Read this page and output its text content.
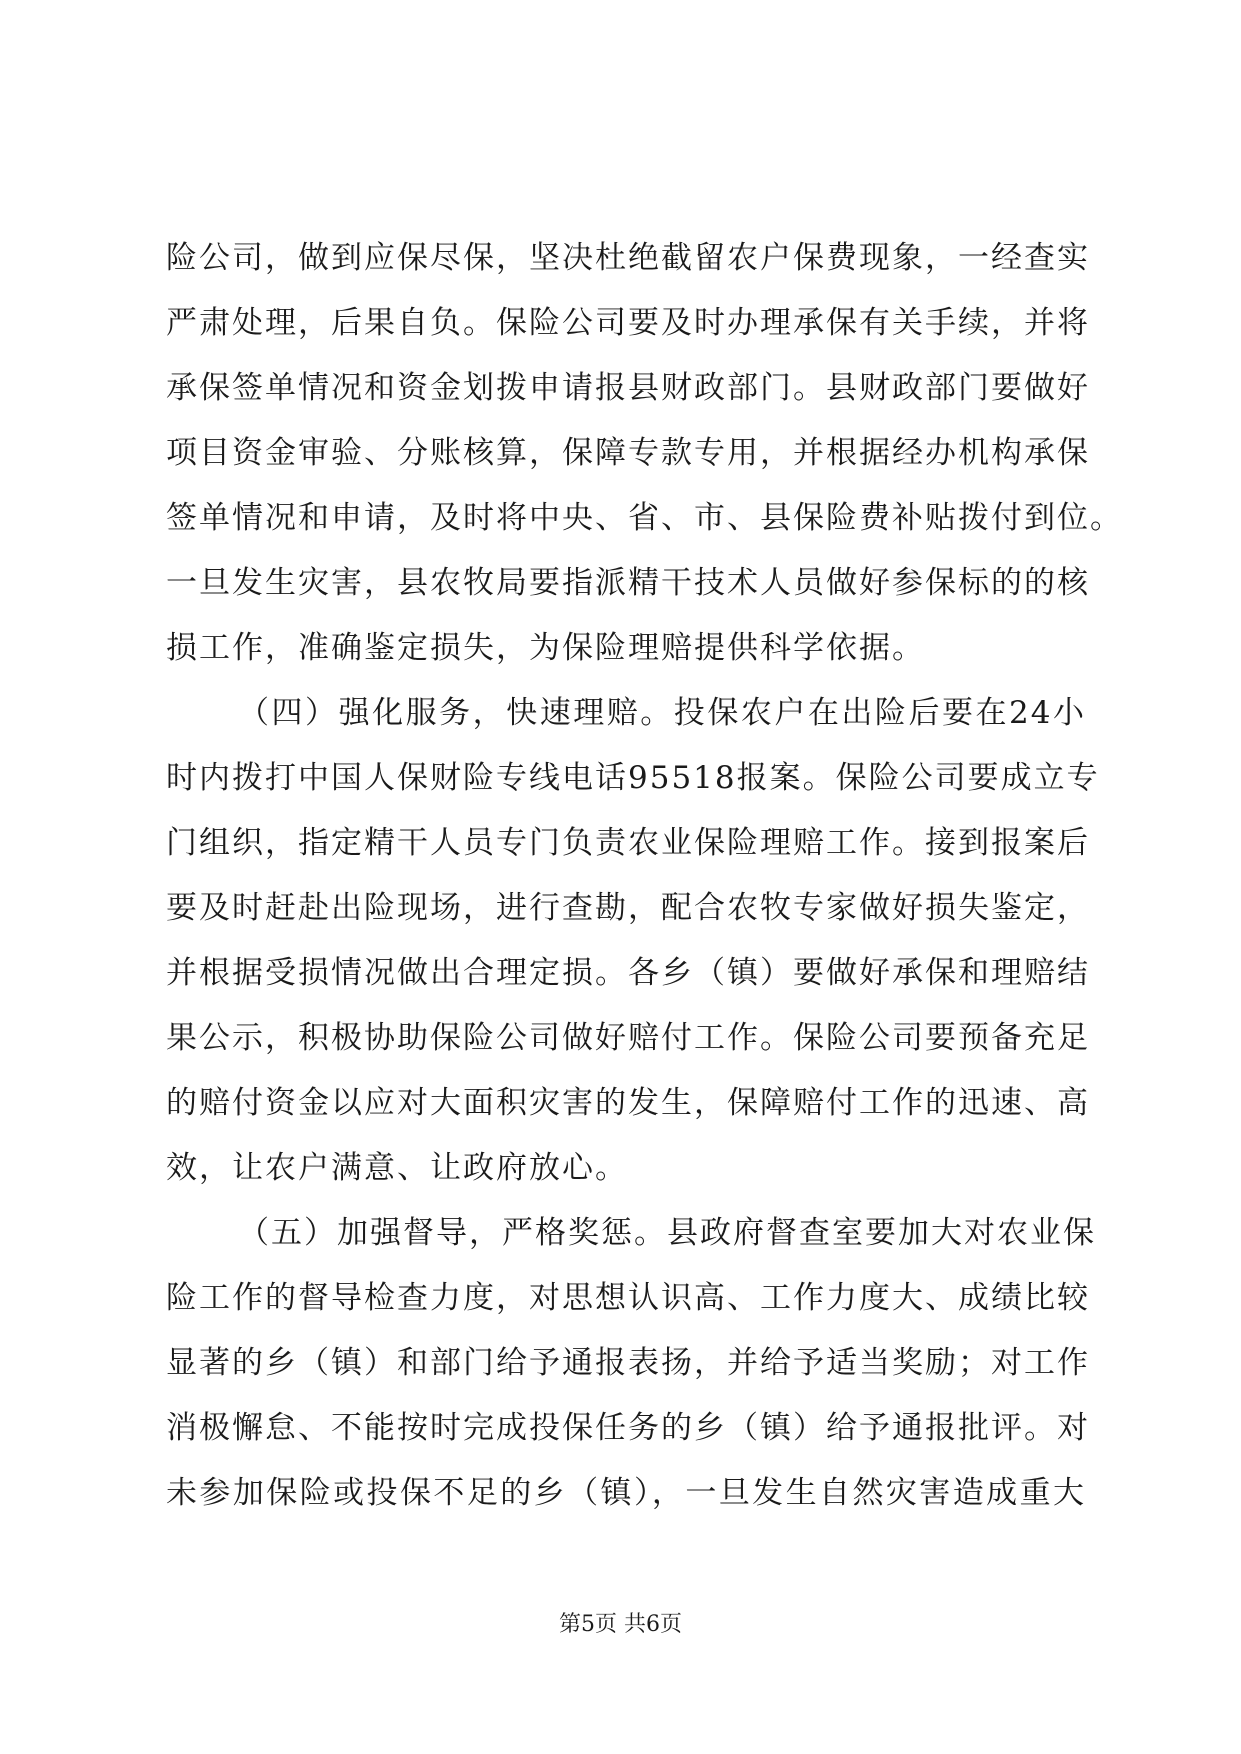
险公司，做到应保尽保，坚决杜绝截留农户保费现象，一经查实
严肃处理，后果自负。保险公司要及时办理承保有关手续，并将
承保签单情况和资金划拨申请报县财政部门。县财政部门要做好
项目资金审验、分账核算，保障专款专用，并根据经办机构承保
签单情况和申请，及时将中央、省、市、县保险费补贴拨付到位。
一旦发生灾害，县农牧局要指派精干技术人员做好参保标的的核
损工作，准确鉴定损失，为保险理赔提供科学依据。
（四）强化服务，快速理赔。投保农户在出险后要在24小
时内拨打中国人保财险专线电话95518报案。保险公司要成立专
门组织，指定精干人员专门负责农业保险理赔工作。接到报案后
要及时赶赴出险现场，进行查勘，配合农牧专家做好损失鉴定，
并根据受损情况做出合理定损。各乡（镇）要做好承保和理赔结
果公示，积极协助保险公司做好赔付工作。保险公司要预备充足
的赔付资金以应对大面积灾害的发生，保障赔付工作的迅速、高
效，让农户满意、让政府放心。
（五）加强督导，严格奖惩。县政府督查室要加大对农业保
险工作的督导检查力度，对思想认识高、工作力度大、成绩比较
显著的乡（镇）和部门给予通报表扬，并给予适当奖励；对工作
消极懈怠、不能按时完成投保任务的乡（镇）给予通报批评。对
未参加保险或投保不足的乡（镇），一旦发生自然灾害造成重大
第5页 共6页
